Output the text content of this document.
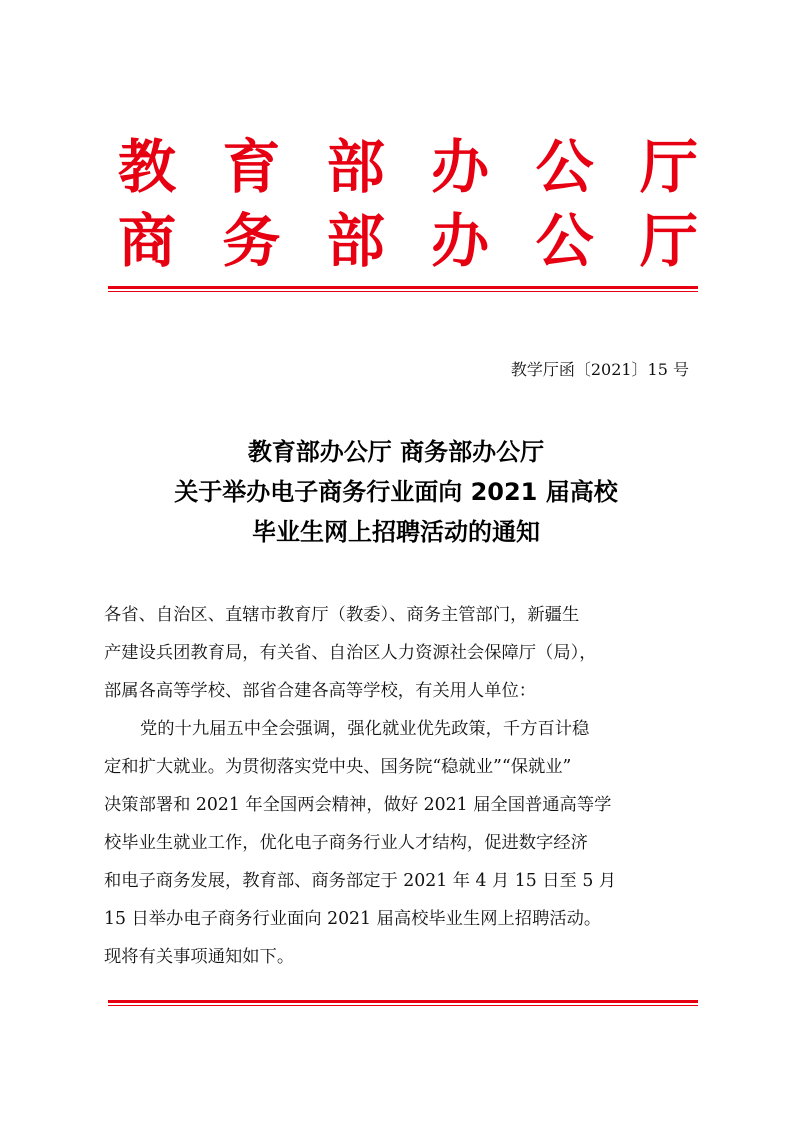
教 育 部 办 公 厅
商 务 部 办 公 厅
教学厅函〔2021〕15 号
教育部办公厅 商务部办公厅
关于举办电子商务行业面向 2021 届高校
毕业生网上招聘活动的通知
各省、自治区、直辖市教育厅（教委）、商务主管部门，新疆生
产建设兵团教育局，有关省、自治区人力资源社会保障厅（局），
部属各高等学校、部省合建各高等学校，有关用人单位：
党的十九届五中全会强调，强化就业优先政策，千方百计稳
定和扩大就业。为贯彻落实党中央、国务院“稳就业”“保就业”
决策部署和 2021 年全国两会精神，做好 2021 届全国普通高等学
校毕业生就业工作，优化电子商务行业人才结构，促进数字经济
和电子商务发展，教育部、商务部定于 2021 年 4 月 15 日至 5 月
15 日举办电子商务行业面向 2021 届高校毕业生网上招聘活动。
现将有关事项通知如下。
